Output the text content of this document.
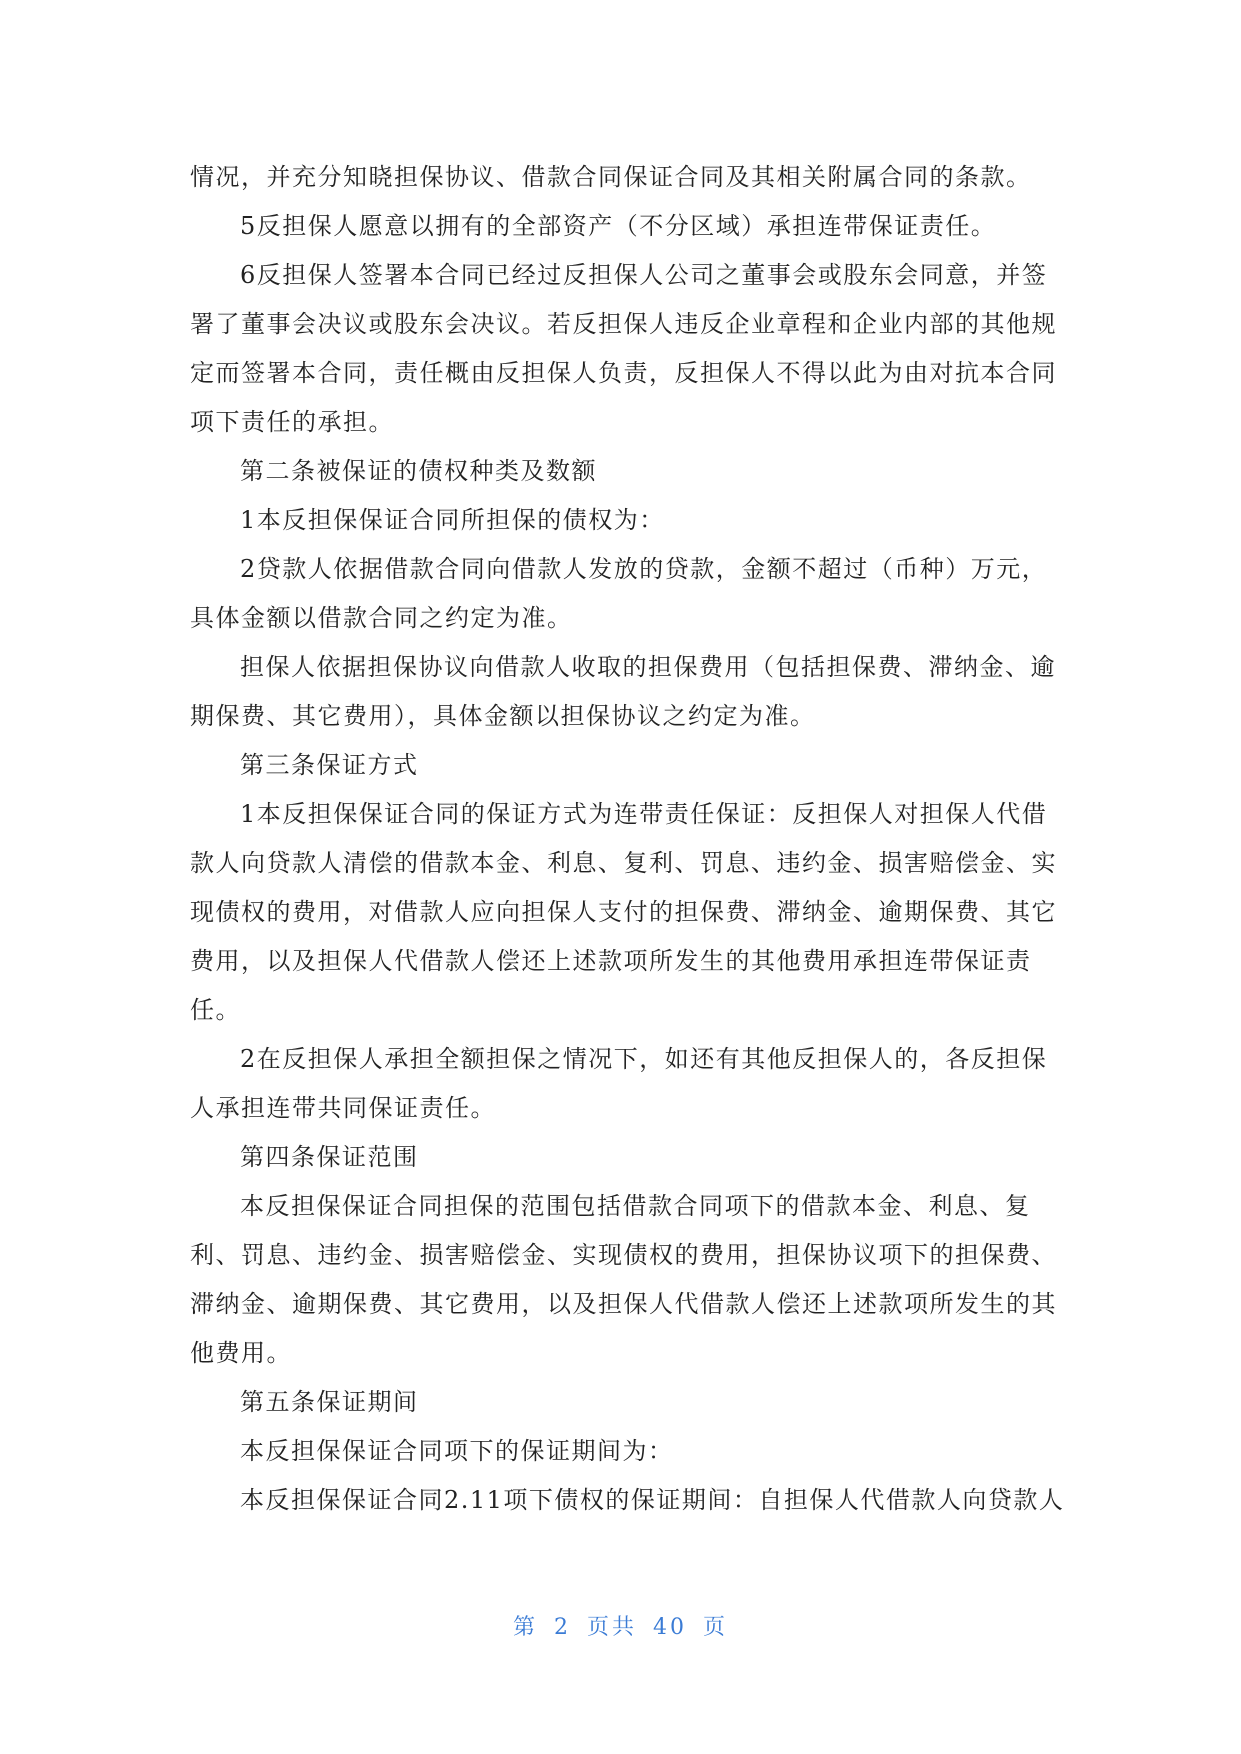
情况，并充分知晓担保协议、借款合同保证合同及其相关附属合同的条款。

5反担保人愿意以拥有的全部资产（不分区域）承担连带保证责任。

6反担保人签署本合同已经过反担保人公司之董事会或股东会同意，并签
署了董事会决议或股东会决议。若反担保人违反企业章程和企业内部的其他规
定而签署本合同，责任概由反担保人负责，反担保人不得以此为由对抗本合同
项下责任的承担。

第二条被保证的债权种类及数额

1本反担保保证合同所担保的债权为：

2贷款人依据借款合同向借款人发放的贷款，金额不超过（币种）万元，
具体金额以借款合同之约定为准。

担保人依据担保协议向借款人收取的担保费用（包括担保费、滞纳金、逾
期保费、其它费用），具体金额以担保协议之约定为准。

第三条保证方式

1本反担保保证合同的保证方式为连带责任保证：反担保人对担保人代借
款人向贷款人清偿的借款本金、利息、复利、罚息、违约金、损害赔偿金、实
现债权的费用，对借款人应向担保人支付的担保费、滞纳金、逾期保费、其它
费用，以及担保人代借款人偿还上述款项所发生的其他费用承担连带保证责
任。

2在反担保人承担全额担保之情况下，如还有其他反担保人的，各反担保
人承担连带共同保证责任。

第四条保证范围

本反担保保证合同担保的范围包括借款合同项下的借款本金、利息、复
利、罚息、违约金、损害赔偿金、实现债权的费用，担保协议项下的担保费、
滞纳金、逾期保费、其它费用，以及担保人代借款人偿还上述款项所发生的其
他费用。

第五条保证期间

本反担保保证合同项下的保证期间为：

本反担保保证合同2.11项下债权的保证期间：自担保人代借款人向贷款人

第 2 页共 40 页
